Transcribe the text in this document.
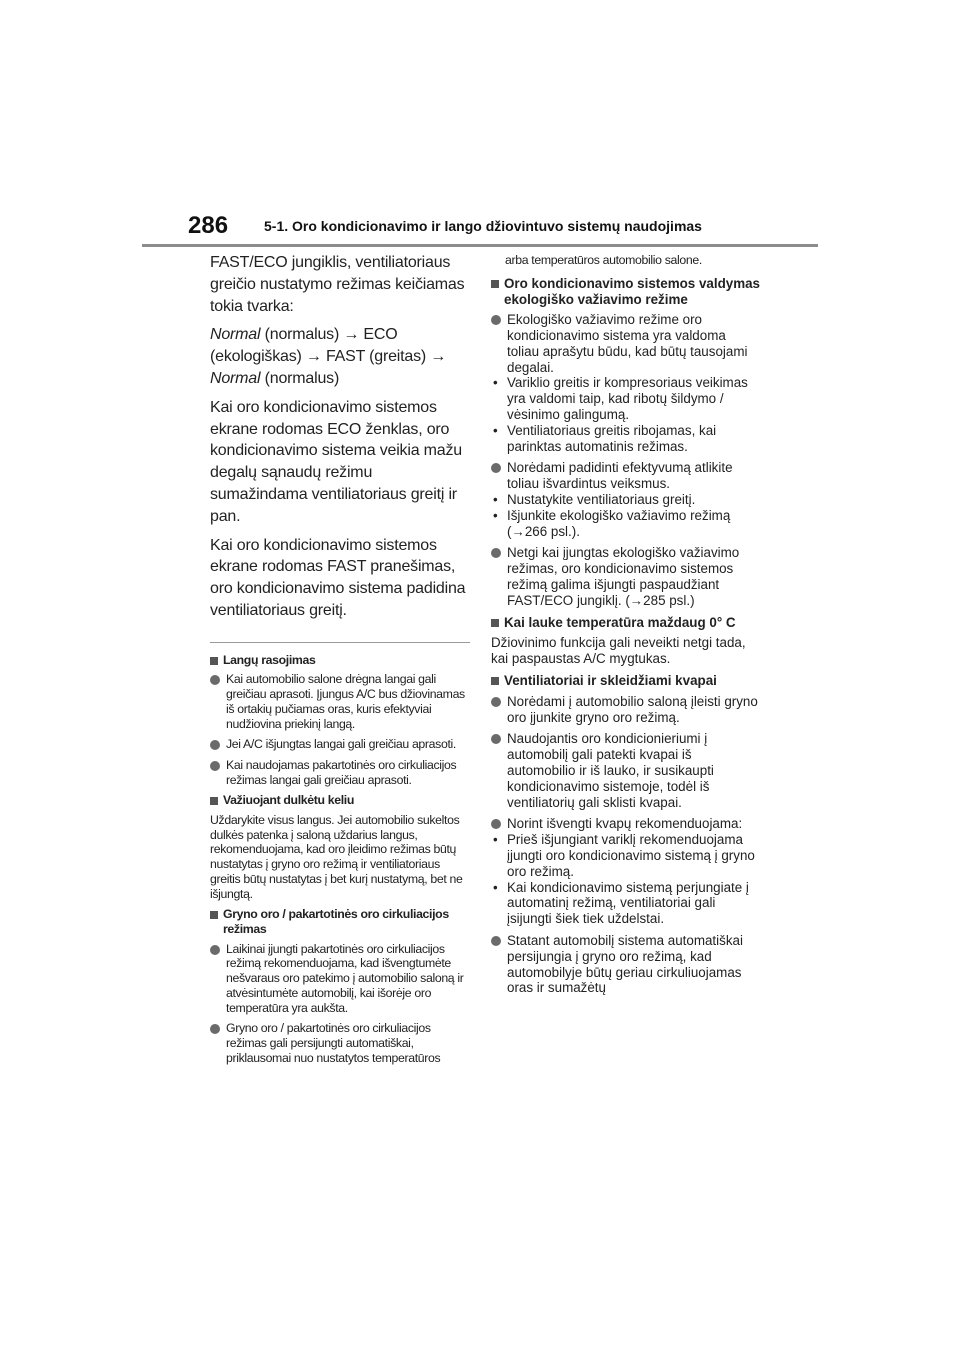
286	5-1. Oro kondicionavimo ir lango džiovintuvo sistemų naudojimas

FAST/ECO jungiklis, ventiliatoriaus greičio nustatymo režimas keičiamas tokia tvarka:

Normal (normalus) → ECO (ekologiškas) → FAST (greitas) → Normal (normalus)

Kai oro kondicionavimo sistemos ekrane rodomas ECO ženklas, oro kondicionavimo sistema veikia mažu degalų sąnaudų režimu sumažindama ventiliatoriaus greitį ir pan.

Kai oro kondicionavimo sistemos ekrane rodomas FAST pranešimas, oro kondicionavimo sistema padidina ventiliatoriaus greitį.

Langų rasojimas
Kai automobilio salone drėgna langai gali greičiau aprasoti. Įjungus A/C bus džiovinamas iš ortakių pučiamas oras, kuris efektyviai nudžiovina priekinį langą.
Jei A/C išjungtas langai gali greičiau aprasoti.
Kai naudojamas pakartotinės oro cirkuliacijos režimas langai gali greičiau aprasoti.
Važiuojant dulkėtu keliu

Uždarykite visus langus. Jei automobilio sukeltos dulkės patenka į saloną uždarius langus, rekomenduojama, kad oro įleidimo režimas būtų nustatytas į gryno oro režimą ir ventiliatoriaus greitis būtų nustatytas į bet kurį nustatymą, bet ne išjungtą.

Gryno oro / pakartotinės oro cirkuliacijos režimas
Laikinai įjungti pakartotinės oro cirkuliacijos režimą rekomenduojama, kad išvengtumėte nešvaraus oro patekimo į automobilio saloną ir atvėsintumėte automobilį, kai išorėje oro temperatūra yra aukšta.
Gryno oro / pakartotinės oro cirkuliacijos režimas gali persijungti automatiškai, priklausomai nuo nustatytos temperatūros

arba temperatūros automobilio salone.

Oro kondicionavimo sistemos valdymas ekologiško važiavimo režime
Ekologiško važiavimo režime oro kondicionavimo sistema yra valdoma toliau aprašytu būdu, kad būtų tausojami degalai.
• Variklio greitis ir kompresoriaus veikimas yra valdomi taip, kad ribotų šildymo / vėsinimo galingumą.
• Ventiliatoriaus greitis ribojamas, kai parinktas automatinis režimas.
Norėdami padidinti efektyvumą atlikite toliau išvardintus veiksmus.
• Nustatykite ventiliatoriaus greitį.
• Išjunkite ekologiško važiavimo režimą (→266 psl.).
Netgi kai įjungtas ekologiško važiavimo režimas, oro kondicionavimo sistemos režimą galima išjungti paspaudžiant FAST/ECO jungiklį. (→285 psl.)
Kai lauke temperatūra maždaug 0° C

Džiovinimo funkcija gali neveikti netgi tada, kai paspaustas A/C mygtukas.

Ventiliatoriai ir skleidžiami kvapai
Norėdami į automobilio saloną įleisti gryno oro įjunkite gryno oro režimą.
Naudojantis oro kondicionieriumi į automobilį gali patekti kvapai iš automobilio ir iš lauko, ir susikaupti kondicionavimo sistemoje, todėl iš ventiliatorių gali sklisti kvapai.
Norint išvengti kvapų rekomenduojama:
• Prieš išjungiant variklį rekomenduojama įjungti oro kondicionavimo sistemą į gryno oro režimą.
• Kai kondicionavimo sistemą perjungiate į automatinį režimą, ventiliatoriai gali įsijungti šiek tiek uždelstai.
Statant automobilį sistema automatiškai persijungia į gryno oro režimą, kad automobilyje būtų geriau cirkuliuojamas oras ir sumažėtų
